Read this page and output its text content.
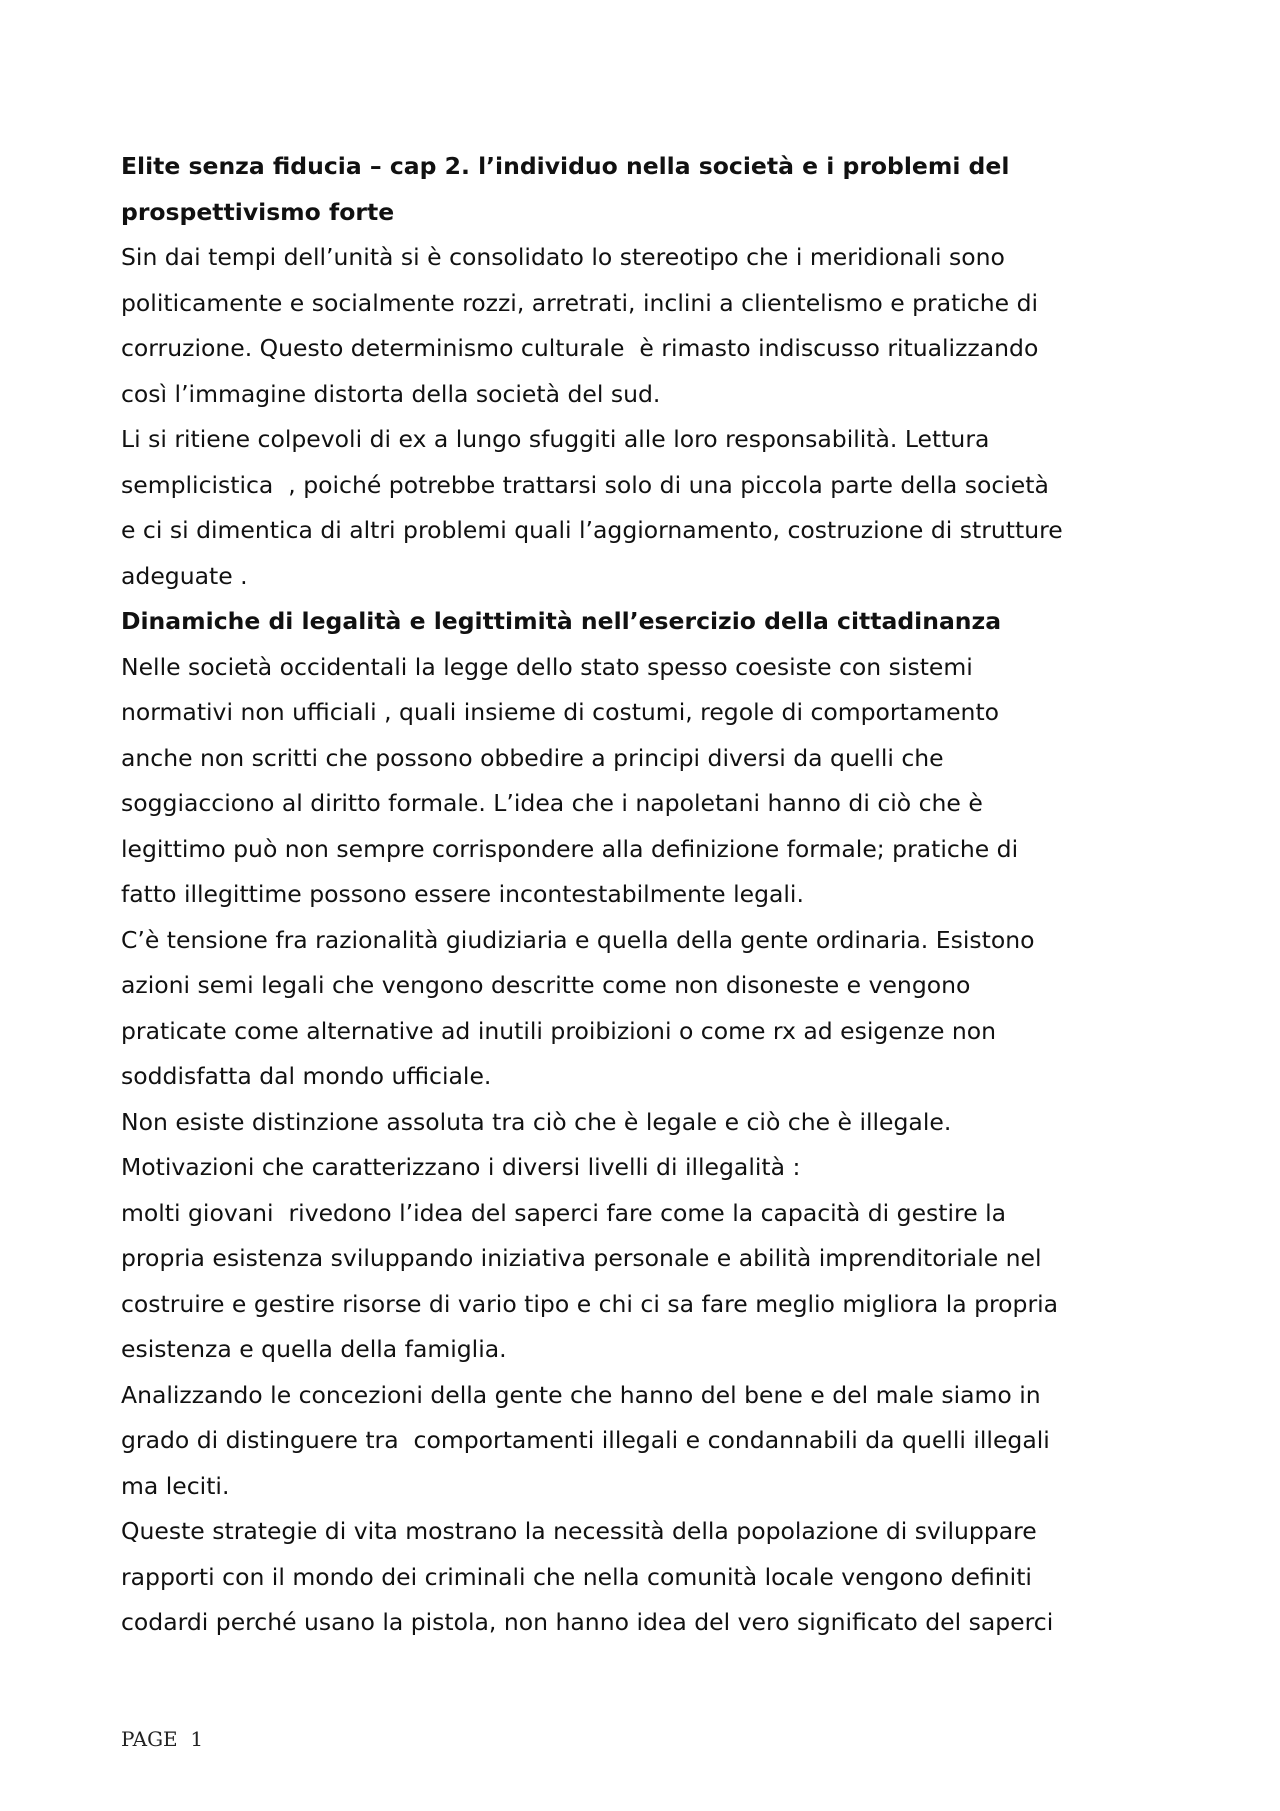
Elite senza fiducia – cap 2. l’individuo nella società e i problemi del

prospettivismo forte

Sin dai tempi dell’unità si è consolidato lo stereotipo che i meridionali sono

politicamente e socialmente rozzi, arretrati, inclini a clientelismo e pratiche di

corruzione. Questo determinismo culturale  è rimasto indiscusso ritualizzando

così l’immagine distorta della società del sud.

Li si ritiene colpevoli di ex a lungo sfuggiti alle loro responsabilità. Lettura

semplicistica  , poiché potrebbe trattarsi solo di una piccola parte della società

e ci si dimentica di altri problemi quali l’aggiornamento, costruzione di strutture

adeguate .

Dinamiche di legalità e legittimità nell’esercizio della cittadinanza

Nelle società occidentali la legge dello stato spesso coesiste con sistemi

normativi non ufficiali , quali insieme di costumi, regole di comportamento

anche non scritti che possono obbedire a principi diversi da quelli che

soggiacciono al diritto formale. L’idea che i napoletani hanno di ciò che è

legittimo può non sempre corrispondere alla definizione formale; pratiche di

fatto illegittime possono essere incontestabilmente legali.

C’è tensione fra razionalità giudiziaria e quella della gente ordinaria. Esistono

azioni semi legali che vengono descritte come non disoneste e vengono

praticate come alternative ad inutili proibizioni o come rx ad esigenze non

soddisfatta dal mondo ufficiale.

Non esiste distinzione assoluta tra ciò che è legale e ciò che è illegale.

Motivazioni che caratterizzano i diversi livelli di illegalità :

molti giovani  rivedono l’idea del saperci fare come la capacità di gestire la

propria esistenza sviluppando iniziativa personale e abilità imprenditoriale nel

costruire e gestire risorse di vario tipo e chi ci sa fare meglio migliora la propria

esistenza e quella della famiglia.

Analizzando le concezioni della gente che hanno del bene e del male siamo in

grado di distinguere tra  comportamenti illegali e condannabili da quelli illegali

ma leciti.

Queste strategie di vita mostrano la necessità della popolazione di sviluppare

rapporti con il mondo dei criminali che nella comunità locale vengono definiti

codardi perché usano la pistola, non hanno idea del vero significato del saperci

PAGE  1
